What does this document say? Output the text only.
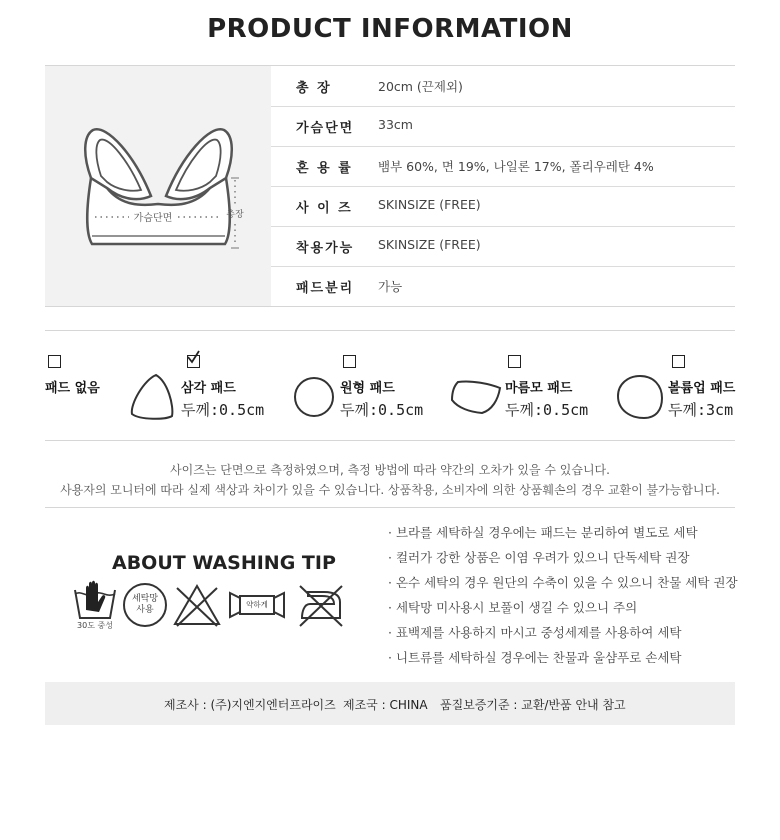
PRODUCT INFORMATION
가슴단면	총장
총 장	20cm (끈제외)
가슴단면 33cm
혼 용 률 뱀부 60%, 면 19%, 나일론 17%, 폴리우레탄 4%
사 이 즈 SKINSIZE (FREE)
착용가능 SKINSIZE (FREE)
패드분리 가능
패드 없음	삼각 패드
두께:0.5cm
원형 패드
두께:0.5cm
마름모 패드
두께:0.5cm
볼륨업 패드
두께:3cm
사이즈는 단면으로 측정하였으며, 측정 방법에 따라 약간의 오차가 있을 수 있습니다.
사용자의 모니터에 따라 실제 색상과 차이가 있을 수 있습니다. 상품착용, 소비자에 의한 상품훼손의 경우 교환이 불가능합니다.
ABOUT WASHING TIP
30도 중성
세탁망
사용
약하게
· 브라를 세탁하실 경우에는 패드는 분리하여 별도로 세탁
· 컬러가 강한 상품은 이염 우려가 있으니 단독세탁 권장
· 온수 세탁의 경우 원단의 수축이 있을 수 있으니 찬물 세탁 권장
· 세탁망 미사용시 보풀이 생길 수 있으니 주의
· 표백제를 사용하지 마시고 중성세제를 사용하여 세탁
· 니트류를 세탁하실 경우에는 찬물과 울샴푸로 손세탁
제조사 : (주)지엔지엔터프라이즈 제조국 : CHINA 품질보증기준 : 교환/반품 안내 참고
